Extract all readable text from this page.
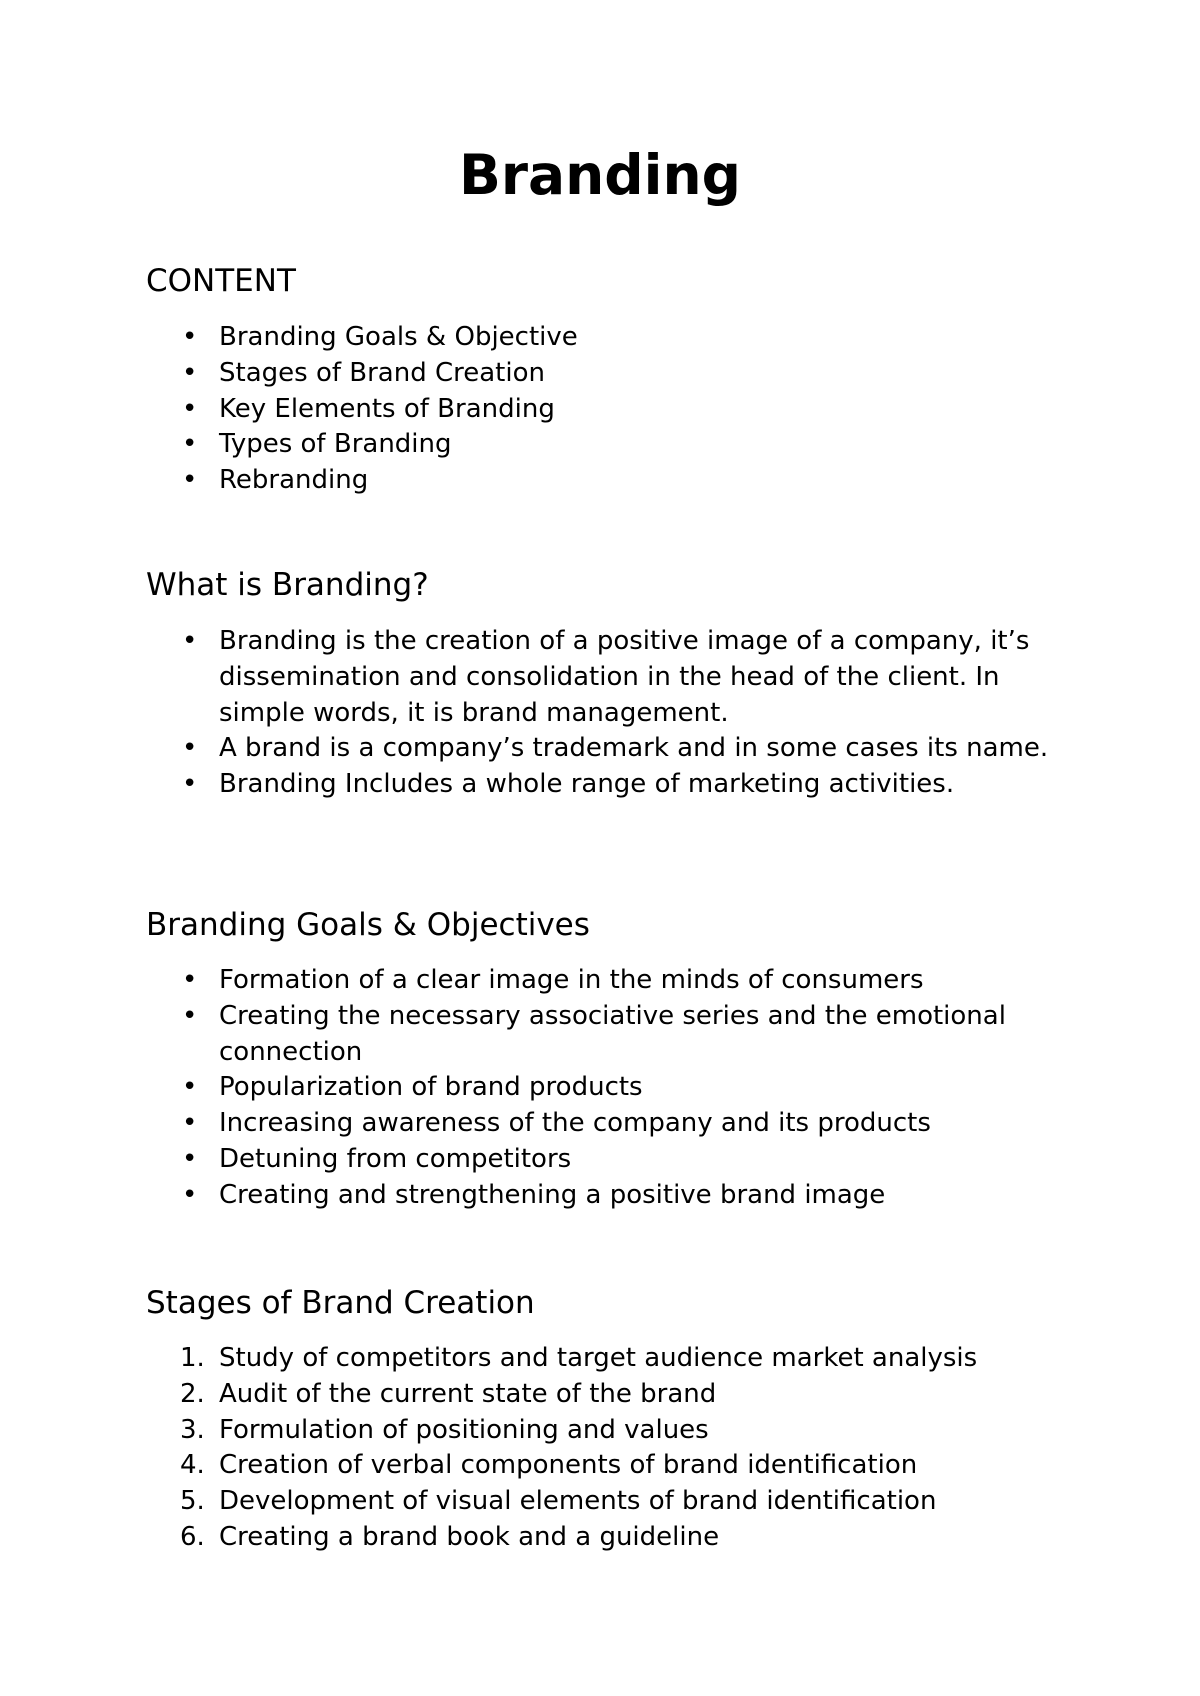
Branding
CONTENT
• Branding Goals & Objective
• Stages of Brand Creation
• Key Elements of Branding
• Types of Branding
• Rebranding
What is Branding?
• Branding is the creation of a positive image of a company, it’s dissemination and consolidation in the head of the client. In simple words, it is brand management.
• A brand is a company’s trademark and in some cases its name.
• Branding Includes a whole range of marketing activities.
Branding Goals & Objectives
• Formation of a clear image in the minds of consumers
• Creating the necessary associative series and the emotional connection
• Popularization of brand products
• Increasing awareness of the company and its products
• Detuning from competitors
• Creating and strengthening a positive brand image
Stages of Brand Creation
1. Study of competitors and target audience market analysis
2. Audit of the current state of the brand
3. Formulation of positioning and values
4. Creation of verbal components of brand identification
5. Development of visual elements of brand identification
6. Creating a brand book and a guideline
